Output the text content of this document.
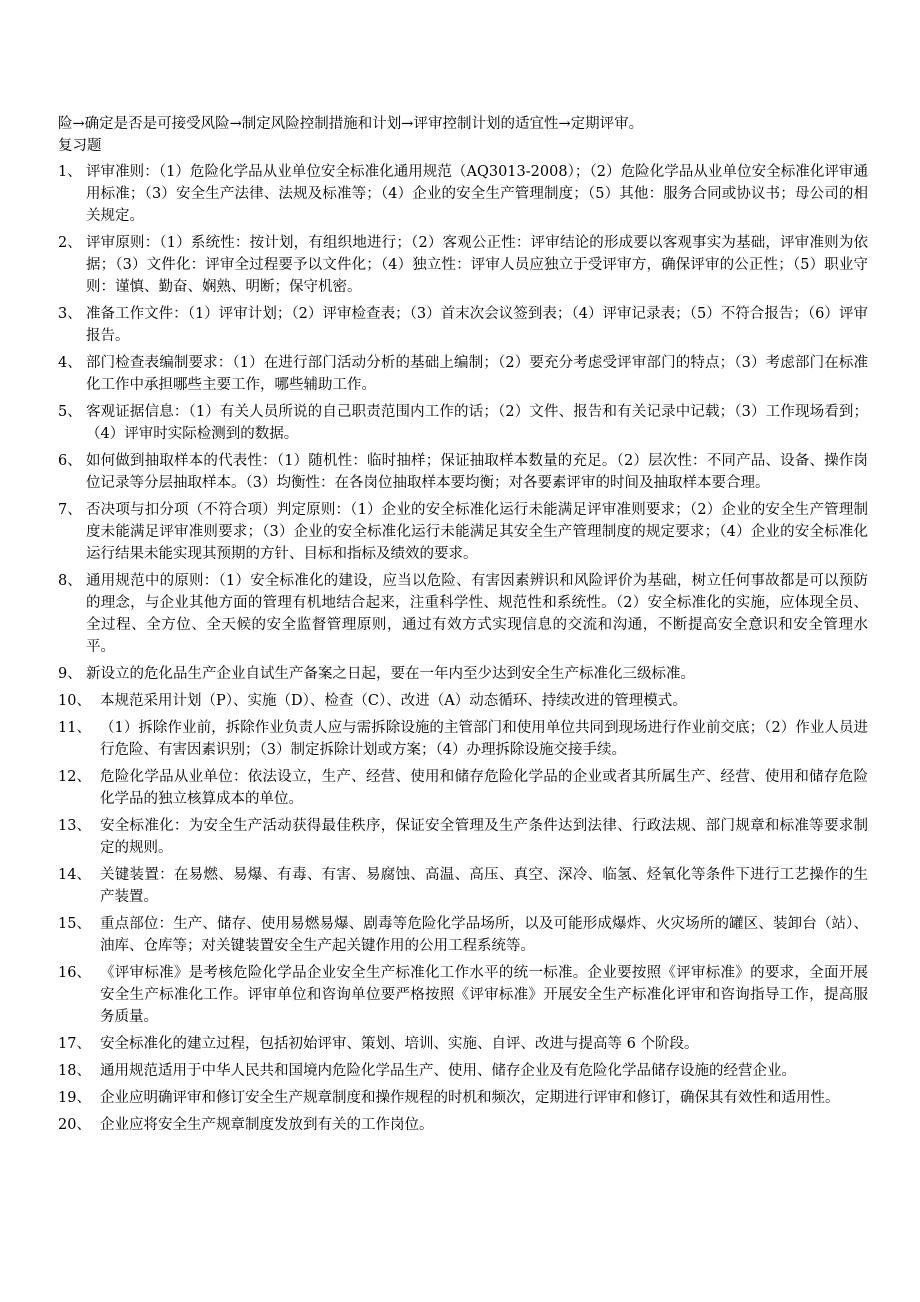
险→确定是否是可接受风险→制定风险控制措施和计划→评审控制计划的适宜性→定期评审。
复习题
1、 评审准则：（1）危险化学品从业单位安全标准化通用规范（AQ3013-2008）；（2）危险化学品从业单位安全标准化评审通用标准；（3）安全生产法律、法规及标准等；（4）企业的安全生产管理制度；（5）其他：服务合同或协议书；母公司的相关规定。
2、 评审原则：（1）系统性：按计划，有组织地进行；（2）客观公正性：评审结论的形成要以客观事实为基础，评审准则为依据；（3）文件化：评审全过程要予以文件化；（4）独立性：评审人员应独立于受评审方，确保评审的公正性；（5）职业守则：谨慎、勤奋、娴熟、明断；保守机密。
3、 准备工作文件：（1）评审计划；（2）评审检查表；（3）首末次会议签到表；（4）评审记录表；（5）不符合报告；（6）评审报告。
4、 部门检查表编制要求：（1）在进行部门活动分析的基础上编制；（2）要充分考虑受评审部门的特点；（3）考虑部门在标准化工作中承担哪些主要工作，哪些辅助工作。
5、 客观证据信息：（1）有关人员所说的自己职责范围内工作的话；（2）文件、报告和有关记录中记载；（3）工作现场看到；（4）评审时实际检测到的数据。
6、 如何做到抽取样本的代表性：（1）随机性：临时抽样；保证抽取样本数量的充足。（2）层次性：不同产品、设备、操作岗位记录等分层抽取样本。（3）均衡性：在各岗位抽取样本要均衡；对各要素评审的时间及抽取样本要合理。
7、 否决项与扣分项（不符合项）判定原则：（1）企业的安全标准化运行未能满足评审准则要求；（2）企业的安全生产管理制度未能满足评审准则要求；（3）企业的安全标准化运行未能满足其安全生产管理制度的规定要求；（4）企业的安全标准化运行结果未能实现其预期的方针、目标和指标及绩效的要求。
8、 通用规范中的原则：（1）安全标准化的建设，应当以危险、有害因素辨识和风险评价为基础，树立任何事故都是可以预防的理念，与企业其他方面的管理有机地结合起来，注重科学性、规范性和系统性。（2）安全标准化的实施，应体现全员、全过程、全方位、全天候的安全监督管理原则，通过有效方式实现信息的交流和沟通，不断提高安全意识和安全管理水平。
9、 新设立的危化品生产企业自试生产备案之日起，要在一年内至少达到安全生产标准化三级标准。
10、 本规范采用计划（P）、实施（D）、检查（C）、改进（A）动态循环、持续改进的管理模式。
11、 （1）拆除作业前，拆除作业负责人应与需拆除设施的主管部门和使用单位共同到现场进行作业前交底；（2）作业人员进行危险、有害因素识别；（3）制定拆除计划或方案；（4）办理拆除设施交接手续。
12、 危险化学品从业单位：依法设立，生产、经营、使用和储存危险化学品的企业或者其所属生产、经营、使用和储存危险化学品的独立核算成本的单位。
13、 安全标准化：为安全生产活动获得最佳秩序，保证安全管理及生产条件达到法律、行政法规、部门规章和标准等要求制定的规则。
14、 关键装置：在易燃、易爆、有毒、有害、易腐蚀、高温、高压、真空、深冷、临氢、烃氧化等条件下进行工艺操作的生产装置。
15、 重点部位：生产、储存、使用易燃易爆、剧毒等危险化学品场所，以及可能形成爆炸、火灾场所的罐区、装卸台（站）、油库、仓库等；对关键装置安全生产起关键作用的公用工程系统等。
16、 《评审标准》是考核危险化学品企业安全生产标准化工作水平的统一标准。企业要按照《评审标准》的要求，全面开展安全生产标准化工作。评审单位和咨询单位要严格按照《评审标准》开展安全生产标准化评审和咨询指导工作，提高服务质量。
17、 安全标准化的建立过程，包括初始评审、策划、培训、实施、自评、改进与提高等 6 个阶段。
18、 通用规范适用于中华人民共和国境内危险化学品生产、使用、储存企业及有危险化学品储存设施的经营企业。
19、 企业应明确评审和修订安全生产规章制度和操作规程的时机和频次，定期进行评审和修订，确保其有效性和适用性。
20、 企业应将安全生产规章制度发放到有关的工作岗位。
